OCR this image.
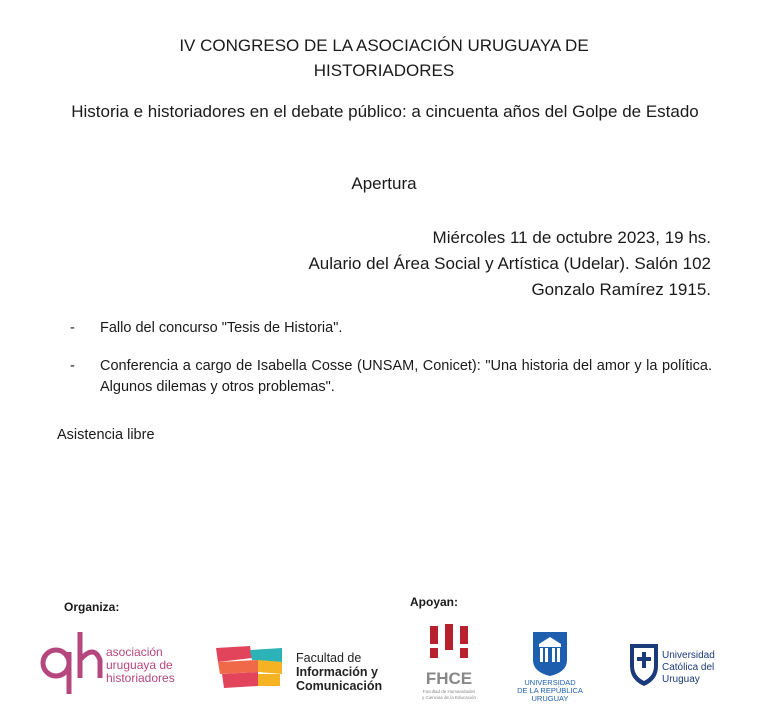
IV CONGRESO DE LA ASOCIACIÓN URUGUAYA DE
HISTORIADORES
Historia e historiadores en el debate público: a cincuenta años del Golpe de Estado
Apertura
Miércoles 11 de octubre 2023, 19 hs.
Aulario del Área Social y Artística (Udelar). Salón 102
Gonzalo Ramírez 1915.
-	Fallo del concurso "Tesis de Historia".
-	Conferencia a cargo de Isabella Cosse (UNSAM, Conicet): "Una historia del amor y la política. Algunos dilemas y otros problemas".
Asistencia libre
Organiza:	Apoyan:
asociación
uruguaya de
historiadores
Facultad de
Información y
Comunicación	FHCE
Facultad de Humanidades
y Ciencias de la Educación
UNIVERSIDAD
DE LA REPÚBLICA
URUGUAY
Universidad
Católica del
Uruguay
